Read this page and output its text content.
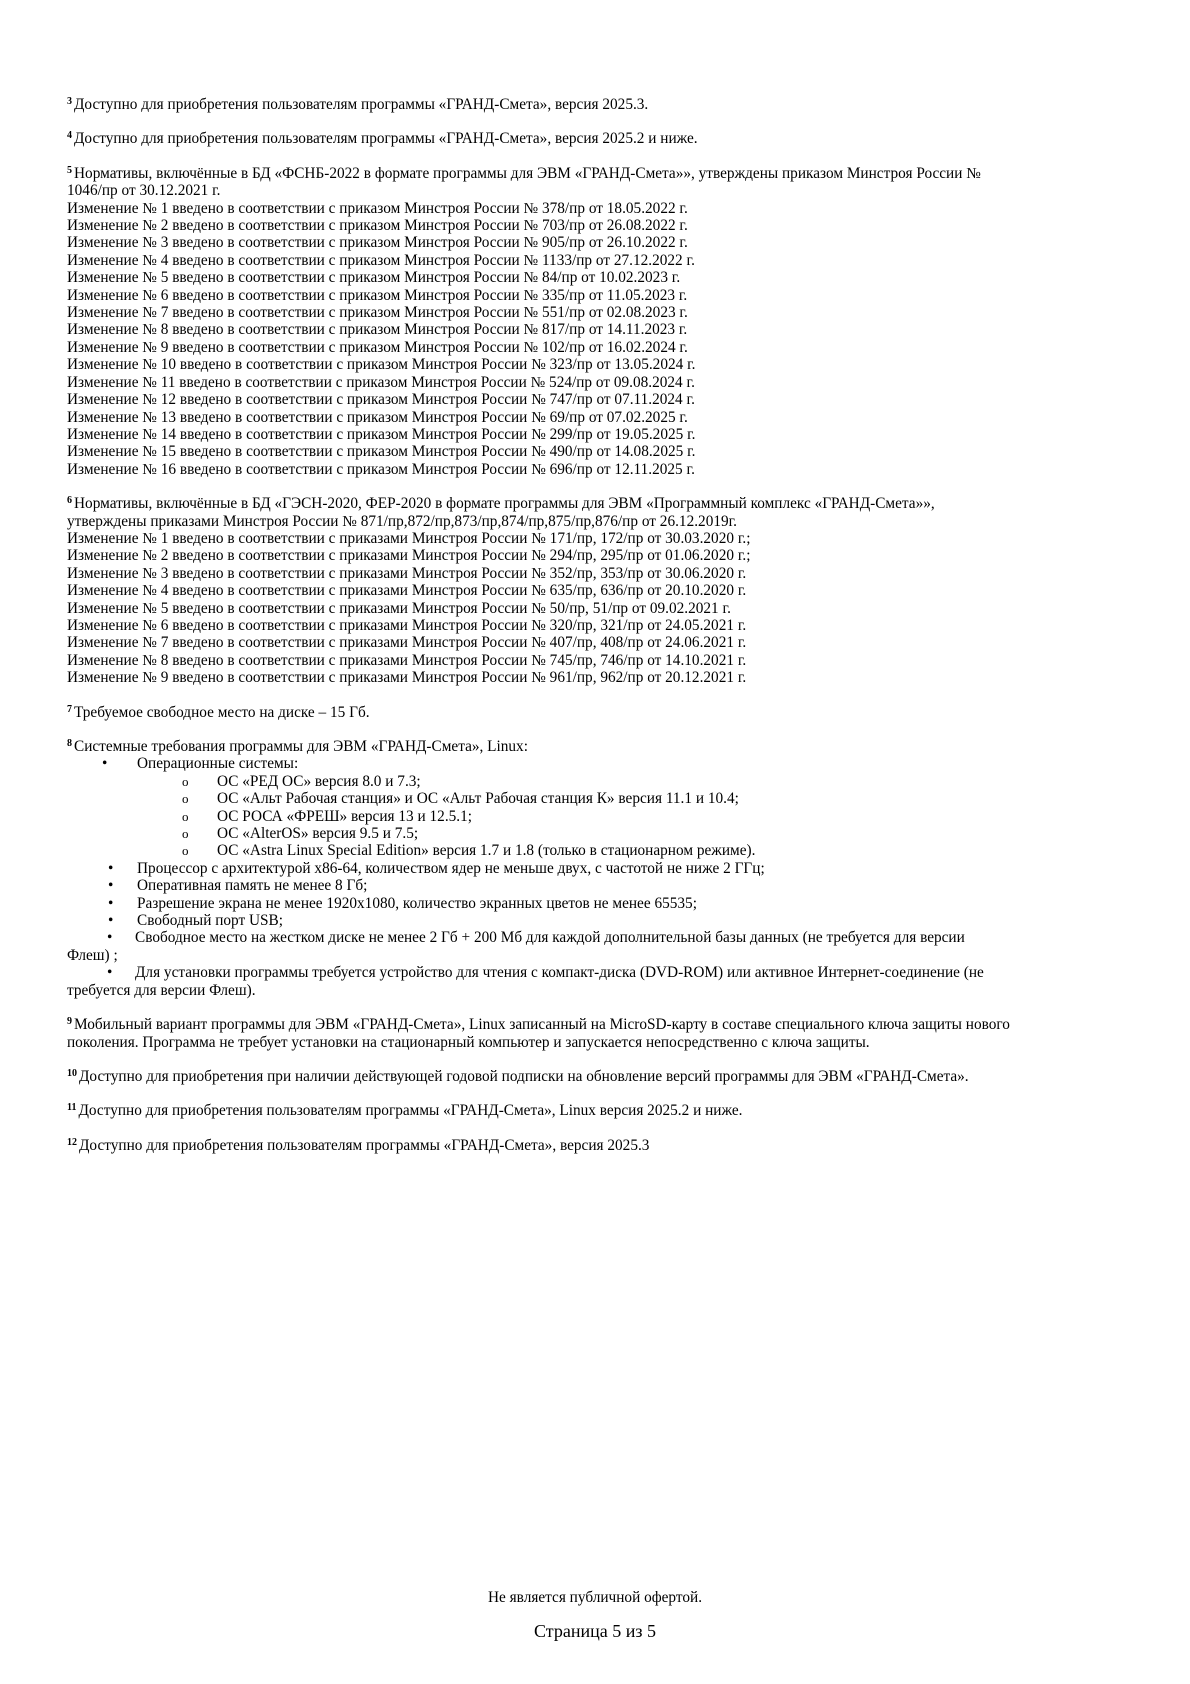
$^3$ Доступно для приобретения пользователям программы «ГРАНД-Смета», версия 2025.3.

$^4$ Доступно для приобретения пользователям программы «ГРАНД-Смета», версия 2025.2 и ниже.

$^5$ Нормативы, включённые в БД «ФСНБ-2022 в формате программы для ЭВМ «ГРАНД-Смета»», утверждены приказом Минстроя России №
1046/пр от 30.12.2021 г.
Изменение № 1 введено в соответствии с приказом Минстроя России № 378/пр от 18.05.2022 г.
Изменение № 2 введено в соответствии с приказом Минстроя России № 703/пр от 26.08.2022 г.
Изменение № 3 введено в соответствии с приказом Минстроя России № 905/пр от 26.10.2022 г.
Изменение № 4 введено в соответствии с приказом Минстроя России № 1133/пр от 27.12.2022 г.
Изменение № 5 введено в соответствии с приказом Минстроя России № 84/пр от 10.02.2023 г.
Изменение № 6 введено в соответствии с приказом Минстроя России № 335/пр от 11.05.2023 г.
Изменение № 7 введено в соответствии с приказом Минстроя России № 551/пр от 02.08.2023 г.
Изменение № 8 введено в соответствии с приказом Минстроя России № 817/пр от 14.11.2023 г.
Изменение № 9 введено в соответствии с приказом Минстроя России № 102/пр от 16.02.2024 г.
Изменение № 10 введено в соответствии с приказом Минстроя России № 323/пр от 13.05.2024 г.
Изменение № 11 введено в соответствии с приказом Минстроя России № 524/пр от 09.08.2024 г.
Изменение № 12 введено в соответствии с приказом Минстроя России № 747/пр от 07.11.2024 г.
Изменение № 13 введено в соответствии с приказом Минстроя России № 69/пр от 07.02.2025 г.
Изменение № 14 введено в соответствии с приказом Минстроя России № 299/пр от 19.05.2025 г.
Изменение № 15 введено в соответствии с приказом Минстроя России № 490/пр от 14.08.2025 г.
Изменение № 16 введено в соответствии с приказом Минстроя России № 696/пр от 12.11.2025 г.
$^6$ Нормативы, включённые в БД «ГЭСН-2020, ФЕР-2020 в формате программы для ЭВМ «Программный комплекс «ГРАНД-Смета»»,
утверждены приказами Минстроя России № 871/пр,872/пр,873/пр,874/пр,875/пр,876/пр от 26.12.2019г.
Изменение № 1 введено в соответствии с приказами Минстроя России № 171/пр, 172/пр от 30.03.2020 г.;
Изменение № 2 введено в соответствии с приказами Минстроя России № 294/пр, 295/пр от 01.06.2020 г.;
Изменение № 3 введено в соответствии с приказами Минстроя России № 352/пр, 353/пр от 30.06.2020 г.
Изменение № 4 введено в соответствии с приказами Минстроя России № 635/пр, 636/пр от 20.10.2020 г.
Изменение № 5 введено в соответствии с приказами Минстроя России № 50/пр, 51/пр от 09.02.2021 г.
Изменение № 6 введено в соответствии с приказами Минстроя России № 320/пр, 321/пр от 24.05.2021 г.
Изменение № 7 введено в соответствии с приказами Минстроя России № 407/пр, 408/пр от 24.06.2021 г.
Изменение № 8 введено в соответствии с приказами Минстроя России № 745/пр, 746/пр от 14.10.2021 г.
Изменение № 9 введено в соответствии с приказами Минстроя России № 961/пр, 962/пр от 20.12.2021 г.

$^7$ Требуемое свободное место на диске – 15 Гб.

$^8$ Системные требования программы для ЭВМ «ГРАНД-Смета», Linux:
• Операционные системы:
o ОС «РЕД ОС» версия 8.0 и 7.3;
o ОС «Альт Рабочая станция» и ОС «Альт Рабочая станция К» версия 11.1 и 10.4;
o ОС РОСА «ФРЕШ» версия 13 и 12.5.1;
o ОС «AlterOS» версия 9.5 и 7.5;
o ОС «Astra Linux Special Edition» версия 1.7 и 1.8 (только в стационарном режиме).
• Процессор с архитектурой x86-64, количеством ядер не меньше двух, с частотой не ниже 2 ГГц;
• Оперативная память не менее 8 Гб;
• Разрешение экрана не менее 1920x1080, количество экранных цветов не менее 65535;
• Свободный порт USB;
• Свободное место на жестком диске не менее 2 Гб + 200 Мб для каждой дополнительной базы данных (не требуется для версии
Флеш) ;
• Для установки программы требуется устройство для чтения с компакт-диска (DVD-ROM) или активное Интернет-соединение (не
требуется для версии Флеш).
$^9$ Мобильный вариант программы для ЭВМ «ГРАНД-Смета», Linux записанный на MicroSD-карту в составе специального ключа защиты нового
поколения. Программа не требует установки на стационарный компьютер и запускается непосредственно с ключа защиты.

$^{10}$ Доступно для приобретения при наличии действующей годовой подписки на обновление версий программы для ЭВМ «ГРАНД-Смета».

$^{11}$ Доступно для приобретения пользователям программы «ГРАНД-Смета», Linux версия 2025.2 и ниже.

$^{12}$ Доступно для приобретения пользователям программы «ГРАНД-Смета», версия 2025.3

Не является публичной офертой.
Страница 5 из 5
